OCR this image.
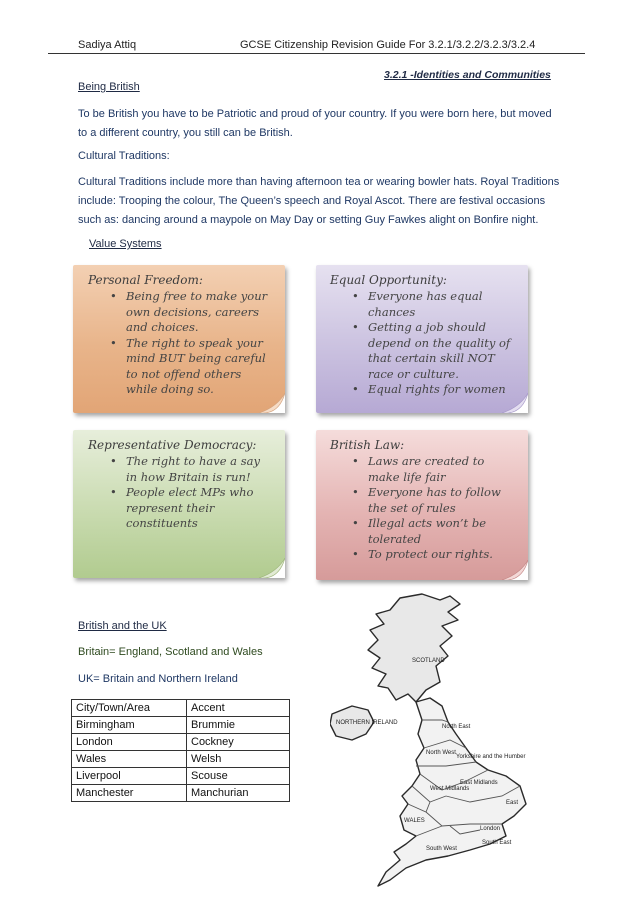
Sadiya Attiq	GCSE Citizenship Revision Guide For 3.2.1/3.2.2/3.2.3/3.2.4
3.2.1 -Identities and Communities
Being British
To be British you have to be Patriotic and proud of your country. If you were born here, but moved to a different country, you still can be British.
Cultural Traditions:
Cultural Traditions include more than having afternoon tea or wearing bowler hats. Royal Traditions include: Trooping the colour, The Queen’s speech and Royal Ascot. There are festival occasions such as: dancing around a maypole on May Day or setting Guy Fawkes alight on Bonfire night.
Value Systems
Personal Freedom:
• Being free to make your own decisions, careers and choices.
• The right to speak your mind BUT being careful to not offend others while doing so.
Equal Opportunity:
• Everyone has equal chances
• Getting a job should depend on the quality of that certain skill NOT race or culture.
• Equal rights for women
Representative Democracy:
• The right to have a say in how Britain is run!
• People elect MPs who represent their constituents
British Law:
• Laws are created to make life fair
• Everyone has to follow the set of rules
• Illegal acts won’t be tolerated
• To protect our rights.
British and the UK
Britain= England, Scotland and Wales
UK= Britain and Northern Ireland
City/Town/Area	Accent
Birmingham	Brummie
London	Cockney
Wales	Welsh
Liverpool	Scouse
Manchester	Manchurian
SCOTLAND
NORTHERN IRELAND
North East
North West
Yorkshire and the Humber
East Midlands
West Midlands
WALES
East
London
South East
South West
